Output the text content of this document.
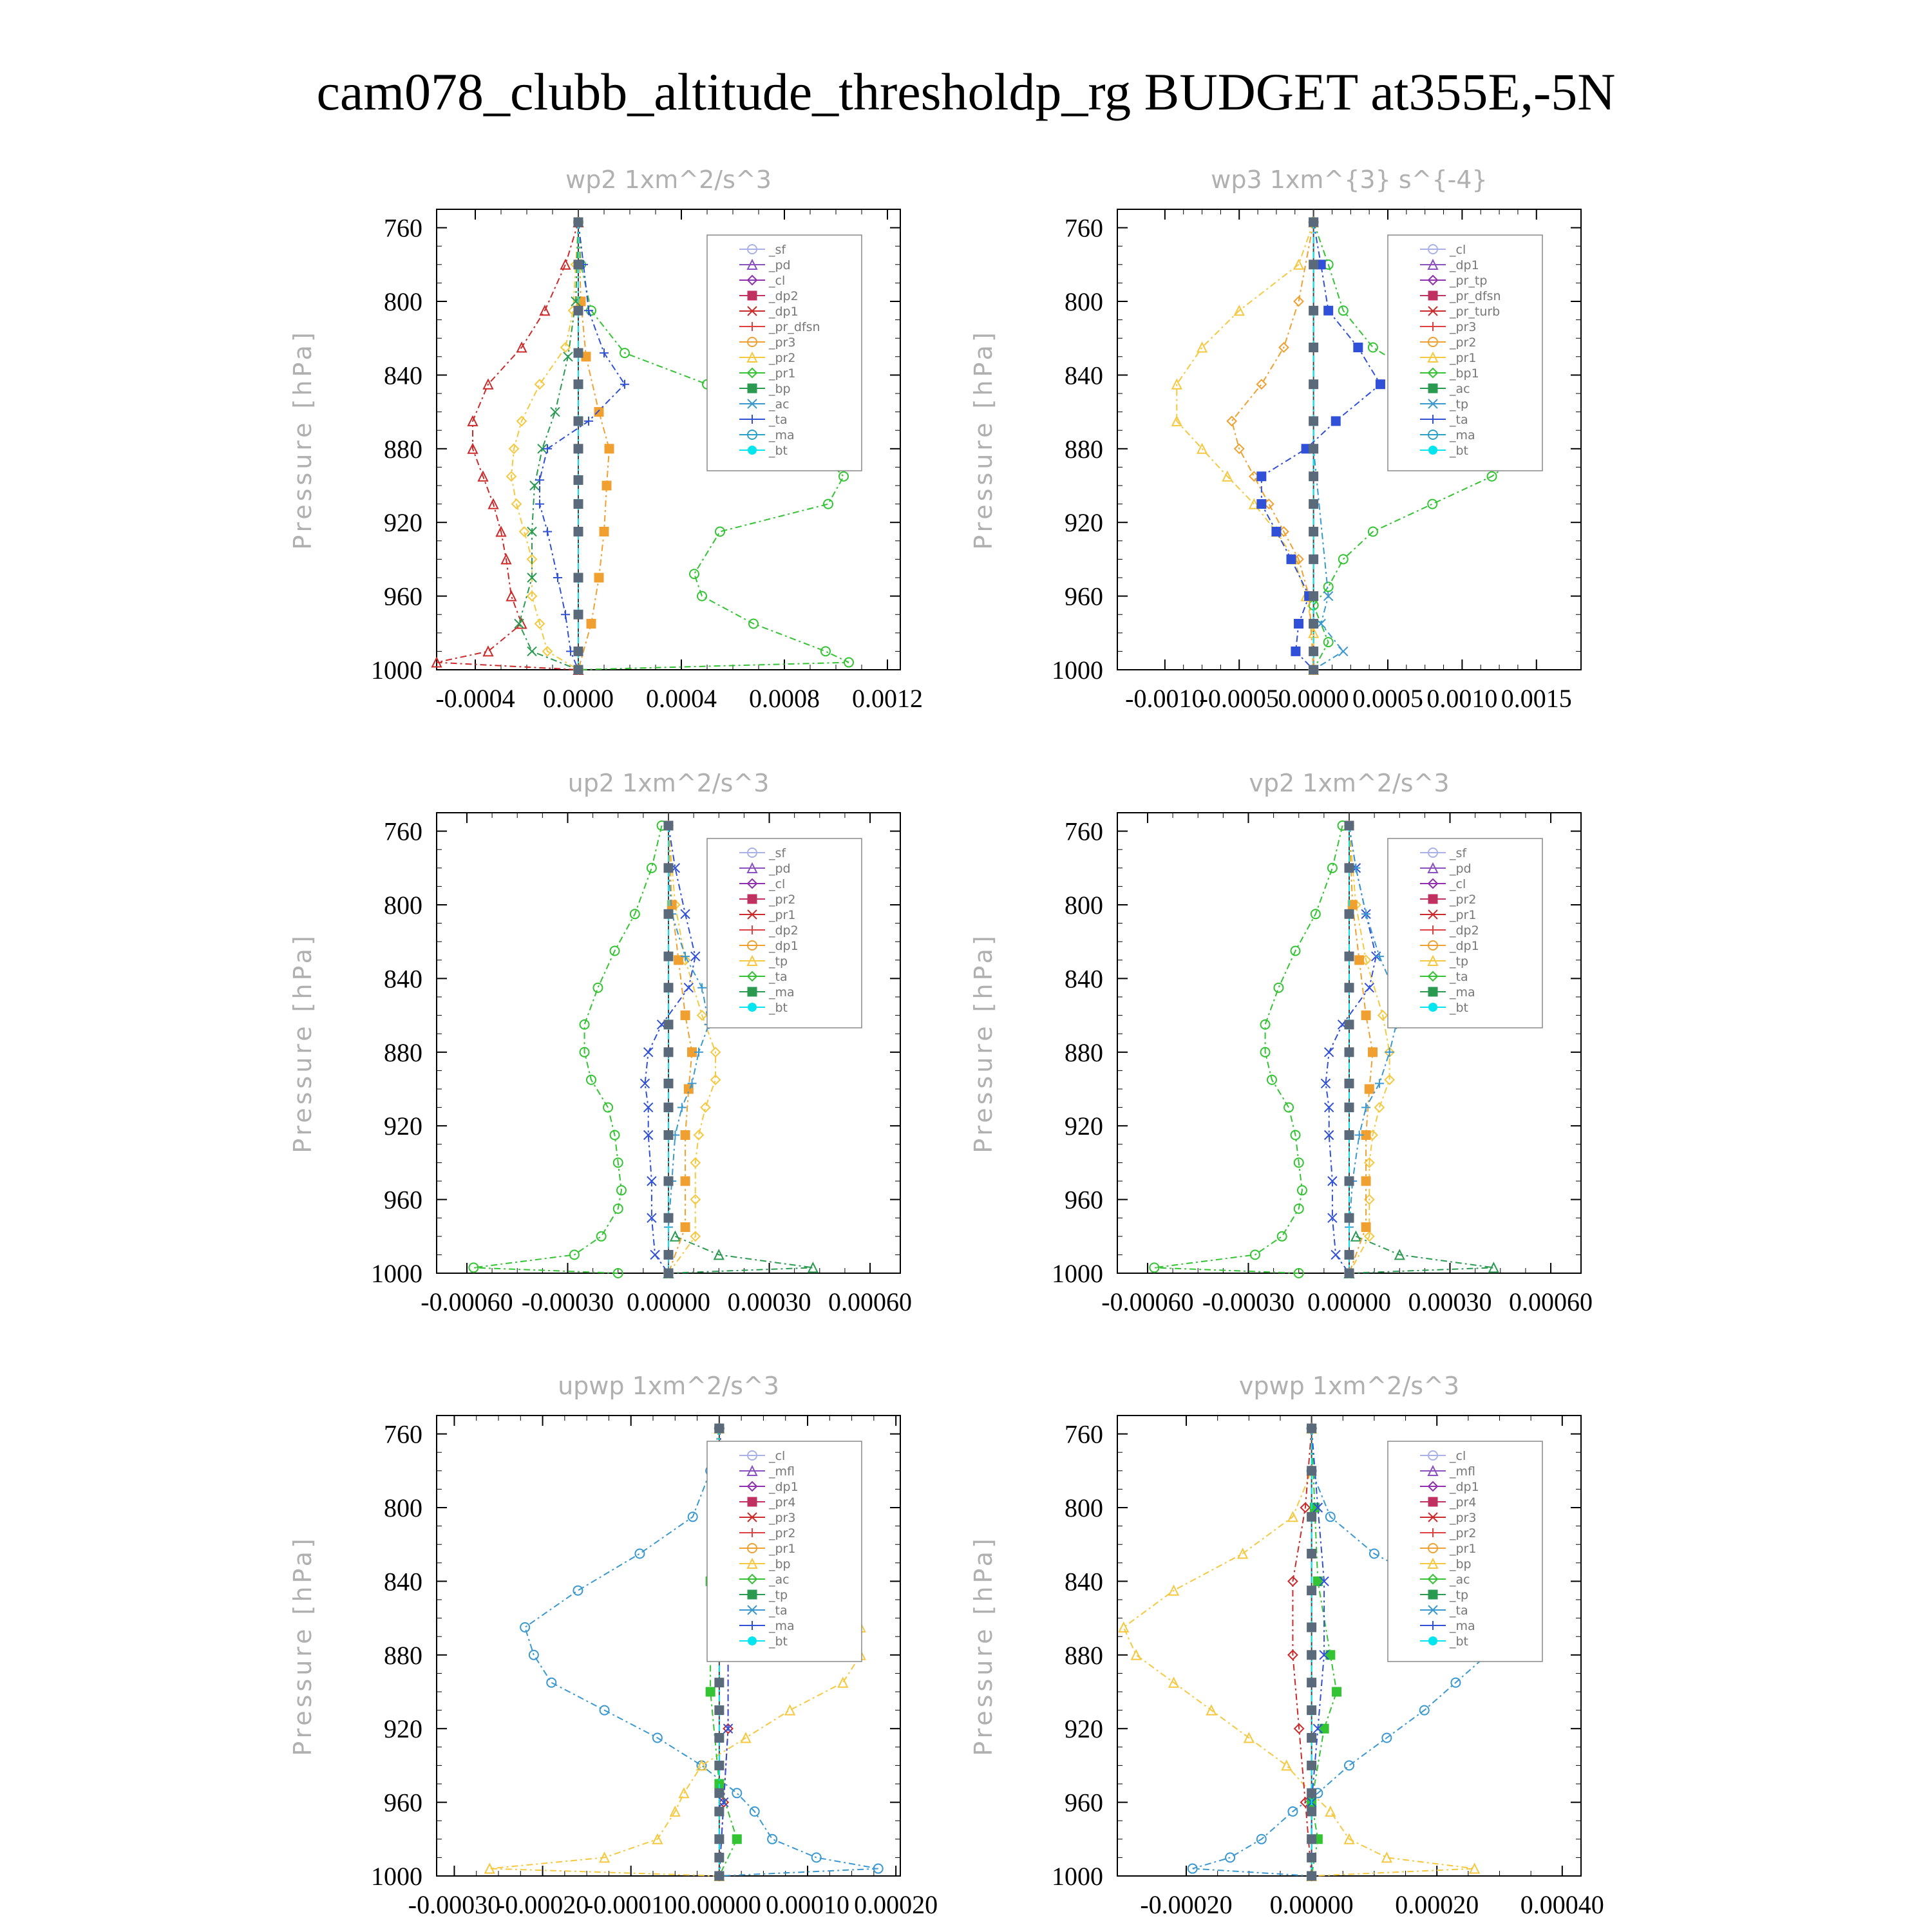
cam078_clubb_altitude_thresholdp_rg BUDGET at355E,-5N
wp2 1xm^2/s^3
Pressure [hPa]
760
800
840
880
920
960
1000
-0.0004 0.0000 0.0004 0.0008 0.0012
_sf
_pd
_cl
_dp2
_dp1
_pr_dfsn
_pr3
_pr2
_pr1
_bp
_ac
_ta
_ma
_bt
wp3 1xm^{3} s^{-4}
Pressure [hPa]
760
800
840
880
920
960
1000
-0.0010
-0.0005
0.0000 0.0005 0.0010 0.0015
_cl
_dp1
_pr_tp
_pr_dfsn
_pr_turb
_pr3
_pr2
_pr1
_bp1
_ac
_tp
_ta
_ma
_bt
up2 1xm^2/s^3
Pressure [hPa]
760
800
840
880
920
960
1000
-0.00060 -0.00030 0.00000 0.00030 0.00060
_sf
_pd
_cl
_pr2
_pr1
_dp2
_dp1
_tp
_ta
_ma
_bt
vp2 1xm^2/s^3
Pressure [hPa]
760
800
840
880
920
960
1000
-0.00060 -0.00030 0.00000 0.00030 0.00060
_sf
_pd
_cl
_pr2
_pr1
_dp2
_dp1
_tp
_ta
_ma
_bt
upwp 1xm^2/s^3
Pressure [hPa]
760
800
840
880
920
960
1000
-0.00030
-0.00020
-0.00010 0.00000 0.00010 0.00020
_cl
_mfl
_dp1
_pr4
_pr3
_pr2
_pr1
_bp
_ac
_tp
_ta
_ma
_bt
vpwp 1xm^2/s^3
Pressure [hPa]
760
800
840
880
920
960
1000
-0.00020 0.00000 0.00020 0.00040
_cl
_mfl
_dp1
_pr4
_pr3
_pr2
_pr1
_bp
_ac
_tp
_ta
_ma
_bt
